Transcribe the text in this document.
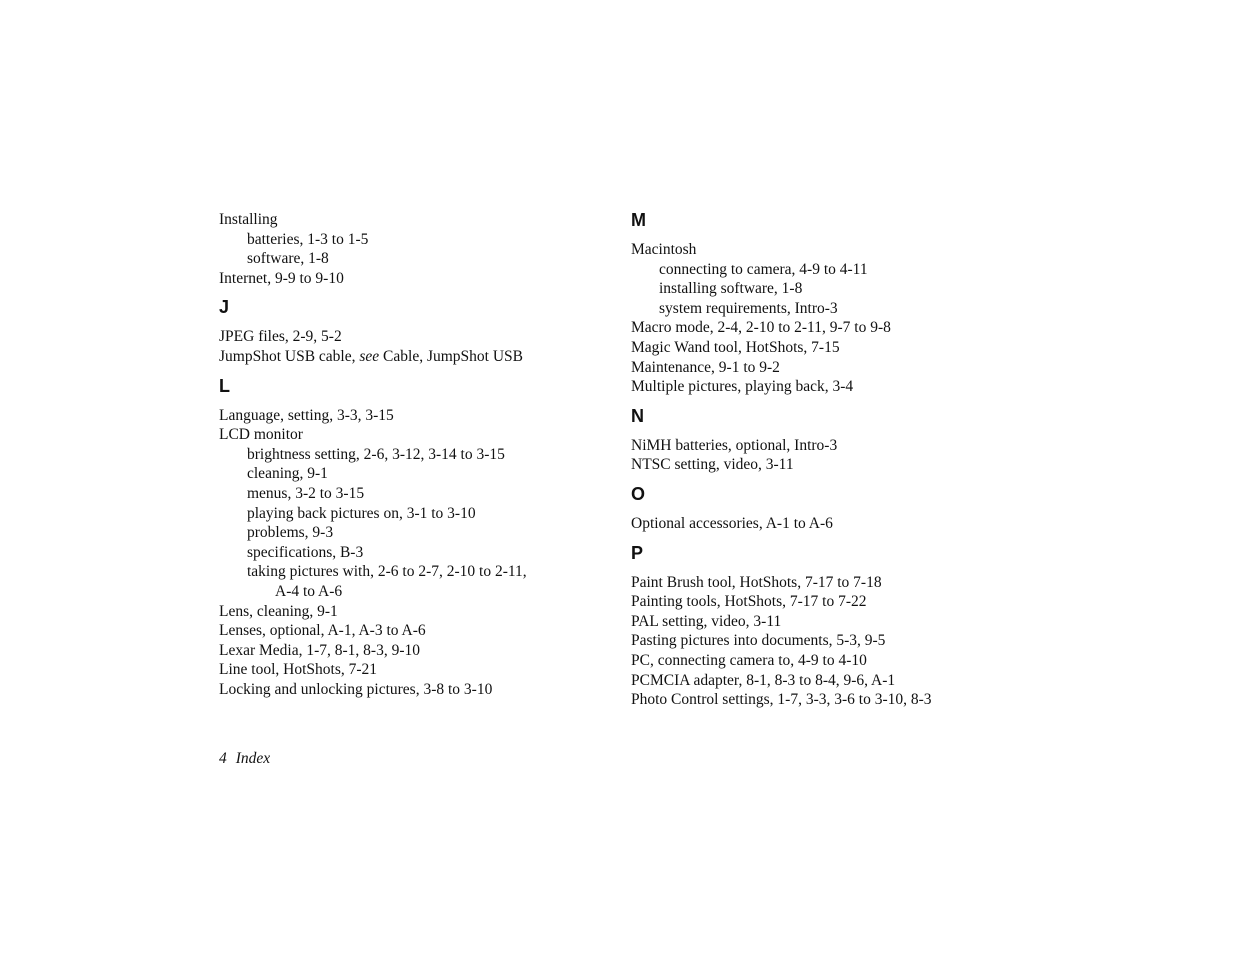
Installing
batteries, 1-3 to 1-5
software, 1-8
Internet, 9-9 to 9-10
J
JPEG files, 2-9, 5-2
JumpShot USB cable, see Cable, JumpShot USB
L
Language, setting, 3-3, 3-15
LCD monitor
brightness setting, 2-6, 3-12, 3-14 to 3-15
cleaning, 9-1
menus, 3-2 to 3-15
playing back pictures on, 3-1 to 3-10
problems, 9-3
specifications, B-3
taking pictures with, 2-6 to 2-7, 2-10 to 2-11,
A-4 to A-6
Lens, cleaning, 9-1
Lenses, optional, A-1, A-3 to A-6
Lexar Media, 1-7, 8-1, 8-3, 9-10
Line tool, HotShots, 7-21
Locking and unlocking pictures, 3-8 to 3-10
M
Macintosh
connecting to camera, 4-9 to 4-11
installing software, 1-8
system requirements, Intro-3
Macro mode, 2-4, 2-10 to 2-11, 9-7 to 9-8
Magic Wand tool, HotShots, 7-15
Maintenance, 9-1 to 9-2
Multiple pictures, playing back, 3-4
N
NiMH batteries, optional, Intro-3
NTSC setting, video, 3-11
O
Optional accessories, A-1 to A-6
P
Paint Brush tool, HotShots, 7-17 to 7-18
Painting tools, HotShots, 7-17 to 7-22
PAL setting, video, 3-11
Pasting pictures into documents, 5-3, 9-5
PC, connecting camera to, 4-9 to 4-10
PCMCIA adapter, 8-1, 8-3 to 8-4, 9-6, A-1
Photo Control settings, 1-7, 3-3, 3-6 to 3-10, 8-3
4 Index
